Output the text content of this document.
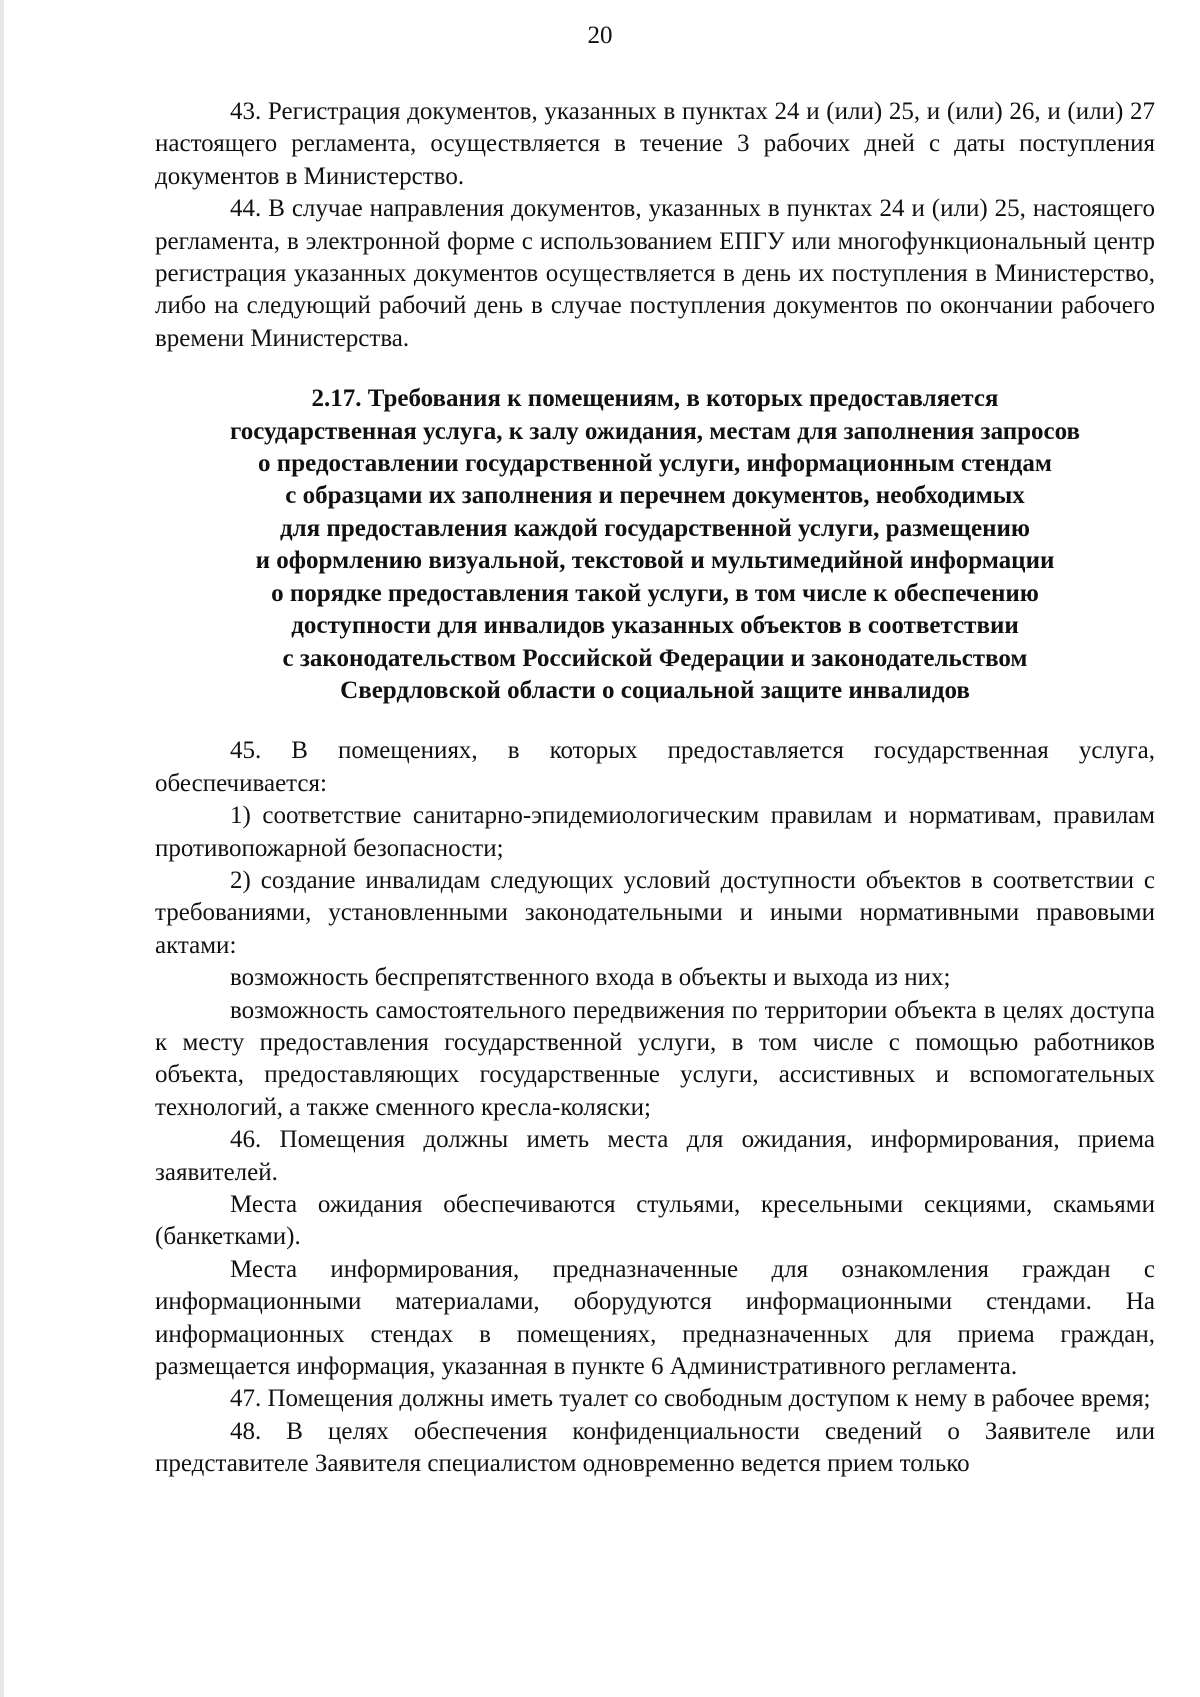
20

43. Регистрация документов, указанных в пунктах 24 и (или) 25, и (или) 26, и (или) 27 настоящего регламента, осуществляется в течение 3 рабочих дней с даты поступления документов в Министерство.

44. В случае направления документов, указанных в пунктах 24 и (или) 25, настоящего регламента, в электронной форме с использованием ЕПГУ или многофункциональный центр регистрация указанных документов осуществляется в день их поступления в Министерство, либо на следующий рабочий день в случае поступления документов по окончании рабочего времени Министерства.

2.17. Требования к помещениям, в которых предоставляется
государственная услуга, к залу ожидания, местам для заполнения запросов
о предоставлении государственной услуги, информационным стендам
с образцами их заполнения и перечнем документов, необходимых
для предоставления каждой государственной услуги, размещению
и оформлению визуальной, текстовой и мультимедийной информации
о порядке предоставления такой услуги, в том числе к обеспечению
доступности для инвалидов указанных объектов в соответствии
с законодательством Российской Федерации и законодательством
Свердловской области о социальной защите инвалидов

45. В помещениях, в которых предоставляется государственная услуга, обеспечивается:

1) соответствие санитарно-эпидемиологическим правилам и нормативам, правилам противопожарной безопасности;

2) создание инвалидам следующих условий доступности объектов в соответствии с требованиями, установленными законодательными и иными нормативными правовыми актами:

возможность беспрепятственного входа в объекты и выхода из них;

возможность самостоятельного передвижения по территории объекта в целях доступа к месту предоставления государственной услуги, в том числе с помощью работников объекта, предоставляющих государственные услуги, ассистивных и вспомогательных технологий, а также сменного кресла-коляски;

46. Помещения должны иметь места для ожидания, информирования, приема заявителей.

Места ожидания обеспечиваются стульями, кресельными секциями, скамьями (банкетками).

Места информирования, предназначенные для ознакомления граждан с информационными материалами, оборудуются информационными стендами. На информационных стендах в помещениях, предназначенных для приема граждан, размещается информация, указанная в пункте 6 Административного регламента.

47. Помещения должны иметь туалет со свободным доступом к нему в рабочее время;

48. В целях обеспечения конфиденциальности сведений о Заявителе или представителе Заявителя специалистом одновременно ведется прием только
